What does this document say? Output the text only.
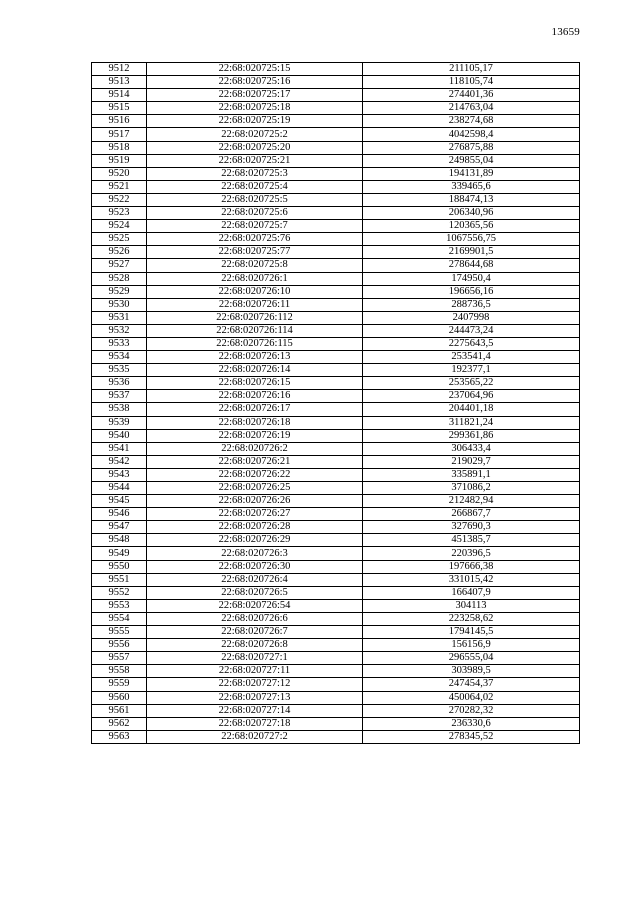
13659
9512	22:68:020725:15	211105,17
9513	22:68:020725:16	118105,74
9514	22:68:020725:17	274401,36
9515	22:68:020725:18	214763,04
9516	22:68:020725:19	238274,68
9517	22:68:020725:2	4042598,4
9518	22:68:020725:20	276875,88
9519	22:68:020725:21	249855,04
9520	22:68:020725:3	194131,89
9521	22:68:020725:4	339465,6
9522	22:68:020725:5	188474,13
9523	22:68:020725:6	206340,96
9524	22:68:020725:7	120365,56
9525	22:68:020725:76	1067556,75
9526	22:68:020725:77	2169901,5
9527	22:68:020725:8	278644,68
9528	22:68:020726:1	174950,4
9529	22:68:020726:10	196656,16
9530	22:68:020726:11	288736,5
9531	22:68:020726:112	2407998
9532	22:68:020726:114	244473,24
9533	22:68:020726:115	2275643,5
9534	22:68:020726:13	253541,4
9535	22:68:020726:14	192377,1
9536	22:68:020726:15	253565,22
9537	22:68:020726:16	237064,96
9538	22:68:020726:17	204401,18
9539	22:68:020726:18	311821,24
9540	22:68:020726:19	299361,86
9541	22:68:020726:2	306433,4
9542	22:68:020726:21	219029,7
9543	22:68:020726:22	335891,1
9544	22:68:020726:25	371086,2
9545	22:68:020726:26	212482,94
9546	22:68:020726:27	266867,7
9547	22:68:020726:28	327690,3
9548	22:68:020726:29	451385,7
9549	22:68:020726:3	220396,5
9550	22:68:020726:30	197666,38
9551	22:68:020726:4	331015,42
9552	22:68:020726:5	166407,9
9553	22:68:020726:54	304113
9554	22:68:020726:6	223258,62
9555	22:68:020726:7	1794145,5
9556	22:68:020726:8	156156,9
9557	22:68:020727:1	296555,04
9558	22:68:020727:11	303989,5
9559	22:68:020727:12	247454,37
9560	22:68:020727:13	450064,02
9561	22:68:020727:14	270282,32
9562	22:68:020727:18	236330,6
9563	22:68:020727:2	278345,52
